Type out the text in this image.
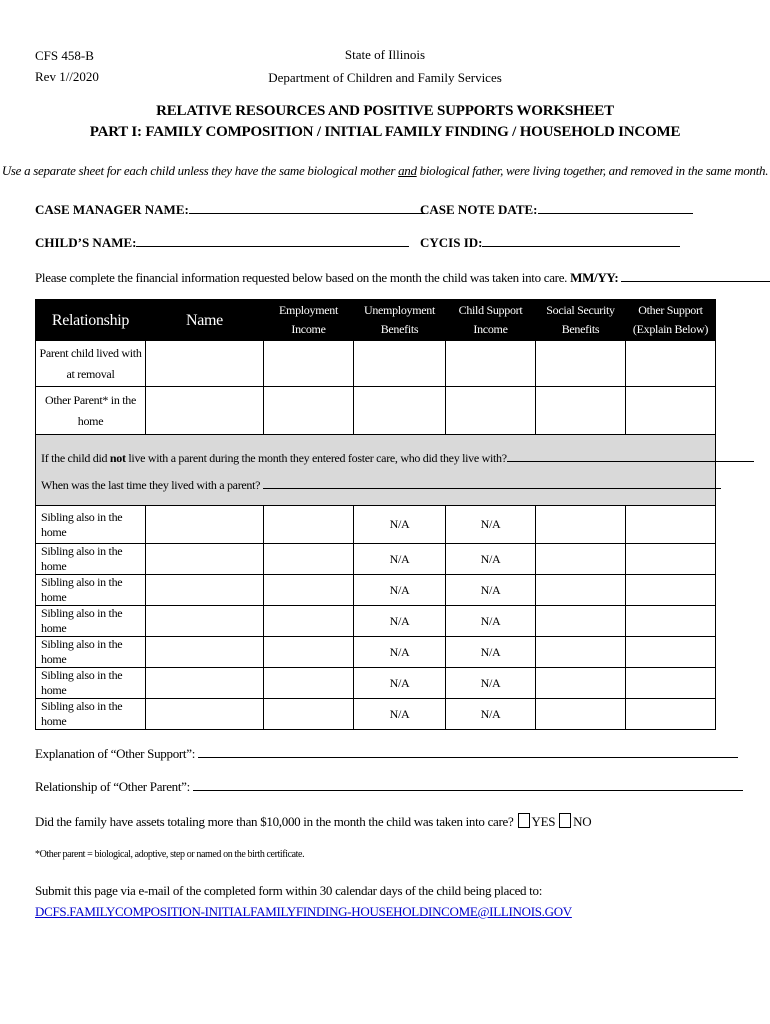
CFS 458-B
Rev 1//2020
State of Illinois
Department of Children and Family Services
RELATIVE RESOURCES AND POSITIVE SUPPORTS WORKSHEET
PART I: FAMILY COMPOSITION / INITIAL FAMILY FINDING / HOUSEHOLD INCOME
Use a separate sheet for each child unless they have the same biological mother and biological father, were living together, and removed in the same month.
CASE MANAGER NAME:	CASE NOTE DATE:
CHILD’S NAME:	CYCIS ID:
Please complete the financial information requested below based on the month the child was taken into care. MM/YY:
Relationship	Name	Employment Income	Unemployment Benefits	Child Support Income	Social Security Benefits	Other Support (Explain Below)
Parent child lived with at removal						
Other Parent* in the home						

If the child did not live with a parent during the month they entered foster care, who did they live with?
When was the last time they lived with a parent?						

Sibling also in the home			N/A	N/A		
Sibling also in the home			N/A	N/A		
Sibling also in the home			N/A	N/A		
Sibling also in the home			N/A	N/A		
Sibling also in the home			N/A	N/A		
Sibling also in the home			N/A	N/A		
Sibling also in the home			N/A	N/A		
Explanation of “Other Support”:
Relationship of “Other Parent”:
Did the family have assets totaling more than $10,000 in the month the child was taken into care? YES NO
*Other parent = biological, adoptive, step or named on the birth certificate.
Submit this page via e-mail of the completed form within 30 calendar days of the child being placed to:
DCFS.FAMILYCOMPOSITION-INITIALFAMILYFINDING-HOUSEHOLDINCOME@ILLINOIS.GOV
